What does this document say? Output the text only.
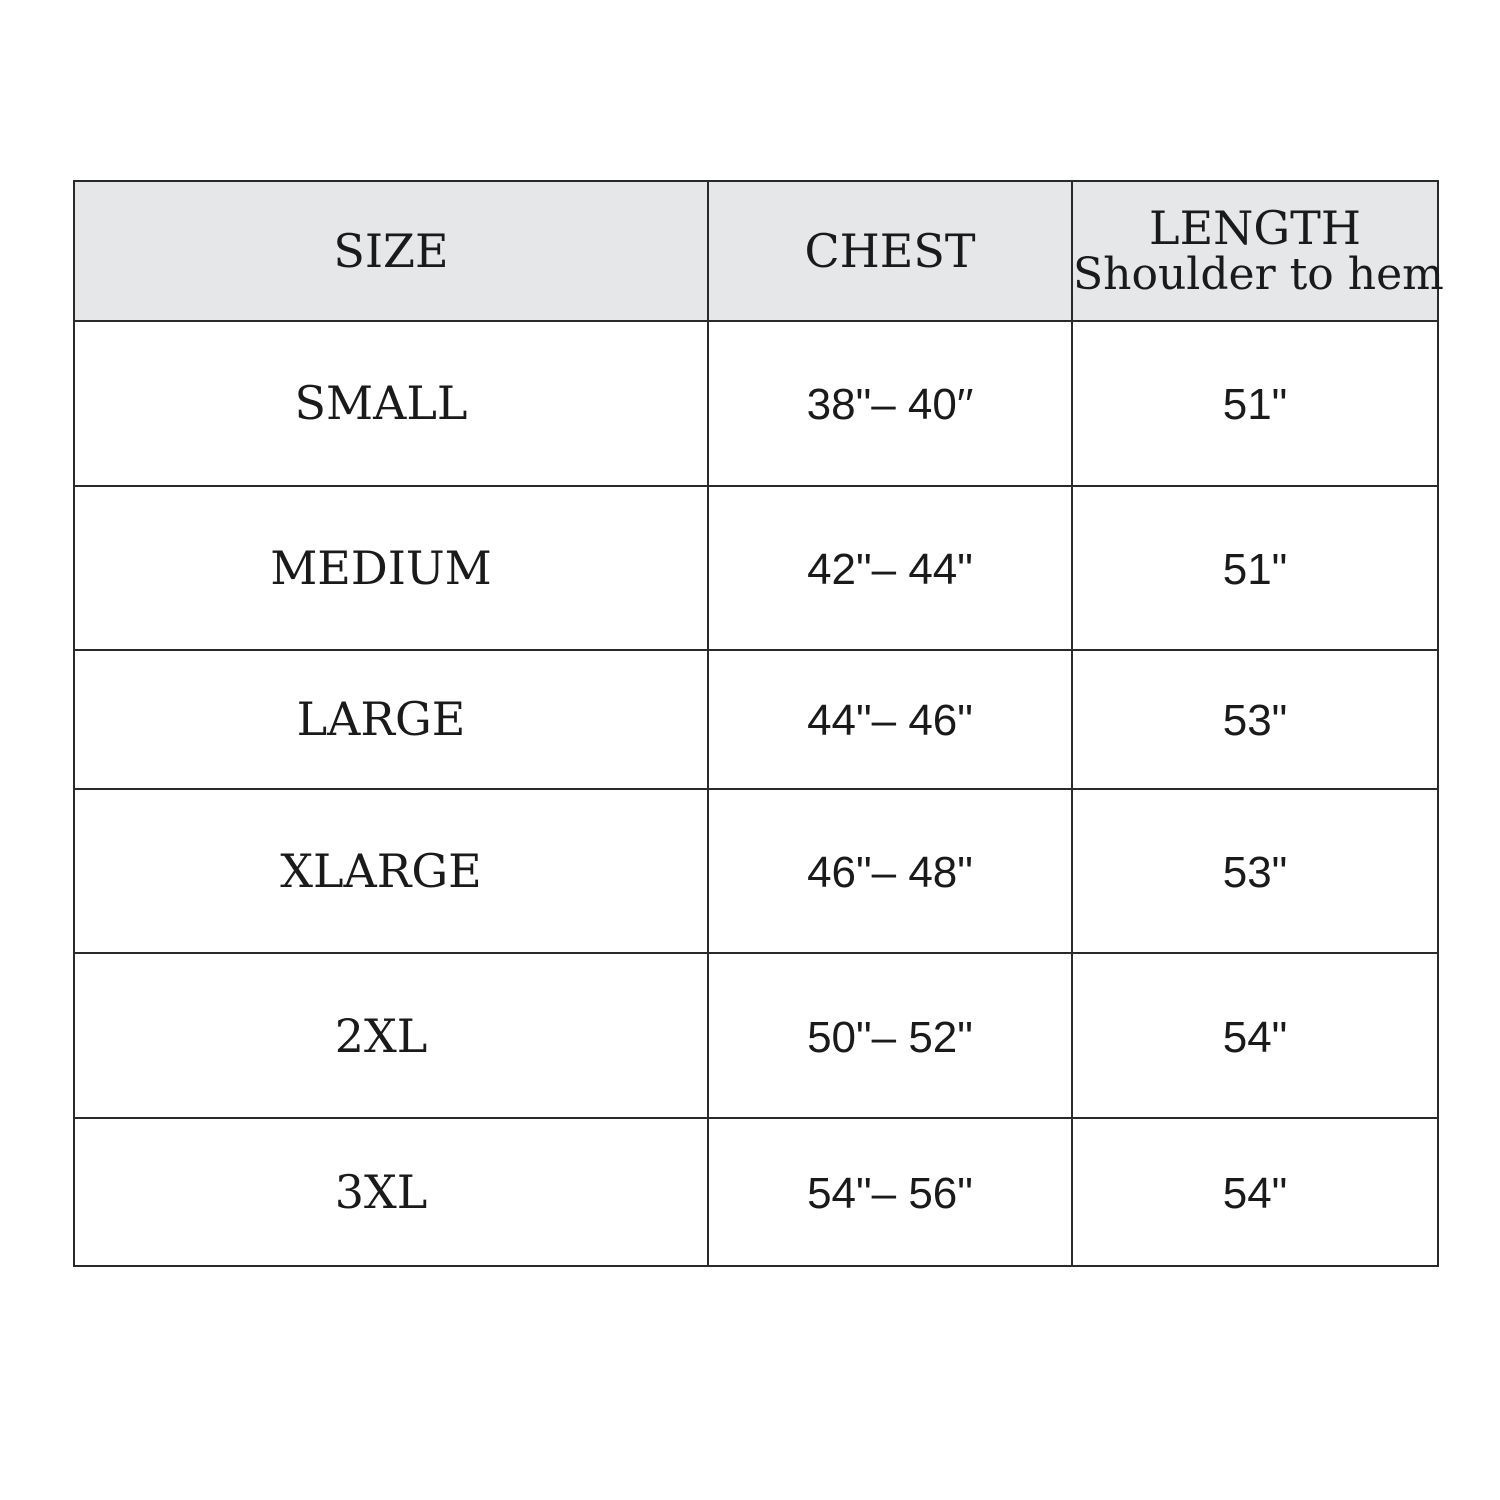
SIZE	CHEST	LENGTH
Shoulder to hem

SMALL	38"– 40′′	51"
MEDIUM	42"– 44"	51"
LARGE	44"– 46"	53"
XLARGE	46"– 48"	53"
2XL	50"– 52"	54"
3XL	54"– 56"	54"
